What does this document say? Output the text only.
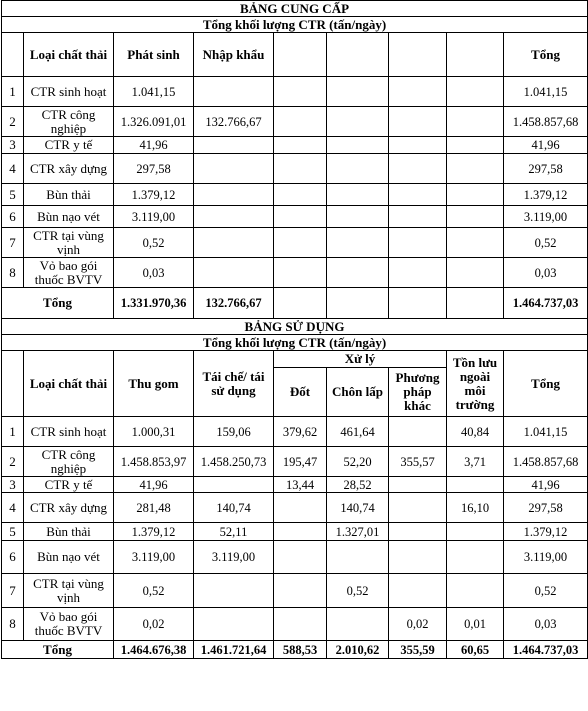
BẢNG CUNG CẤP								
Tổng khối lượng CTR (tấn/ngày)								
	Loại chất thải	Phát sinh	Nhập khẩu					Tổng
1	CTR sinh hoạt	1.041,15						1.041,15
2	CTR công nghiệp	1.326.091,01	132.766,67					1.458.857,68
3	CTR y tế	41,96						41,96
4	CTR xây dựng	297,58						297,58
5	Bùn thải	1.379,12						1.379,12
6	Bùn nạo vét	3.119,00						3.119,00
7	CTR tại vùng vịnh	0,52						0,52
8	Vỏ bao gói thuốc BVTV	0,03						0,03
Tổng		1.331.970,36	132.766,67					1.464.737,03
BẢNG SỬ DỤNG								
Tổng khối lượng CTR (tấn/ngày)								
	Loại chất thải	Thu gom	Tái chế/ tái sử dụng	Xử lý			Tồn lưu ngoài môi trường	Tổng
				Đốt	Chôn lấp	Phương pháp khác		
1	CTR sinh hoạt	1.000,31	159,06	379,62	461,64		40,84	1.041,15
2	CTR công nghiệp	1.458.853,97	1.458.250,73	195,47	52,20	355,57	3,71	1.458.857,68
3	CTR y tế	41,96		13,44	28,52			41,96
4	CTR xây dựng	281,48	140,74		140,74		16,10	297,58
5	Bùn thải	1.379,12	52,11		1.327,01			1.379,12
6	Bùn nạo vét	3.119,00	3.119,00					3.119,00
7	CTR tại vùng vịnh	0,52			0,52			0,52
8	Vỏ bao gói thuốc BVTV	0,02				0,02	0,01	0,03
Tổng		1.464.676,38	1.461.721,64	588,53	2.010,62	355,59	60,65	1.464.737,03
